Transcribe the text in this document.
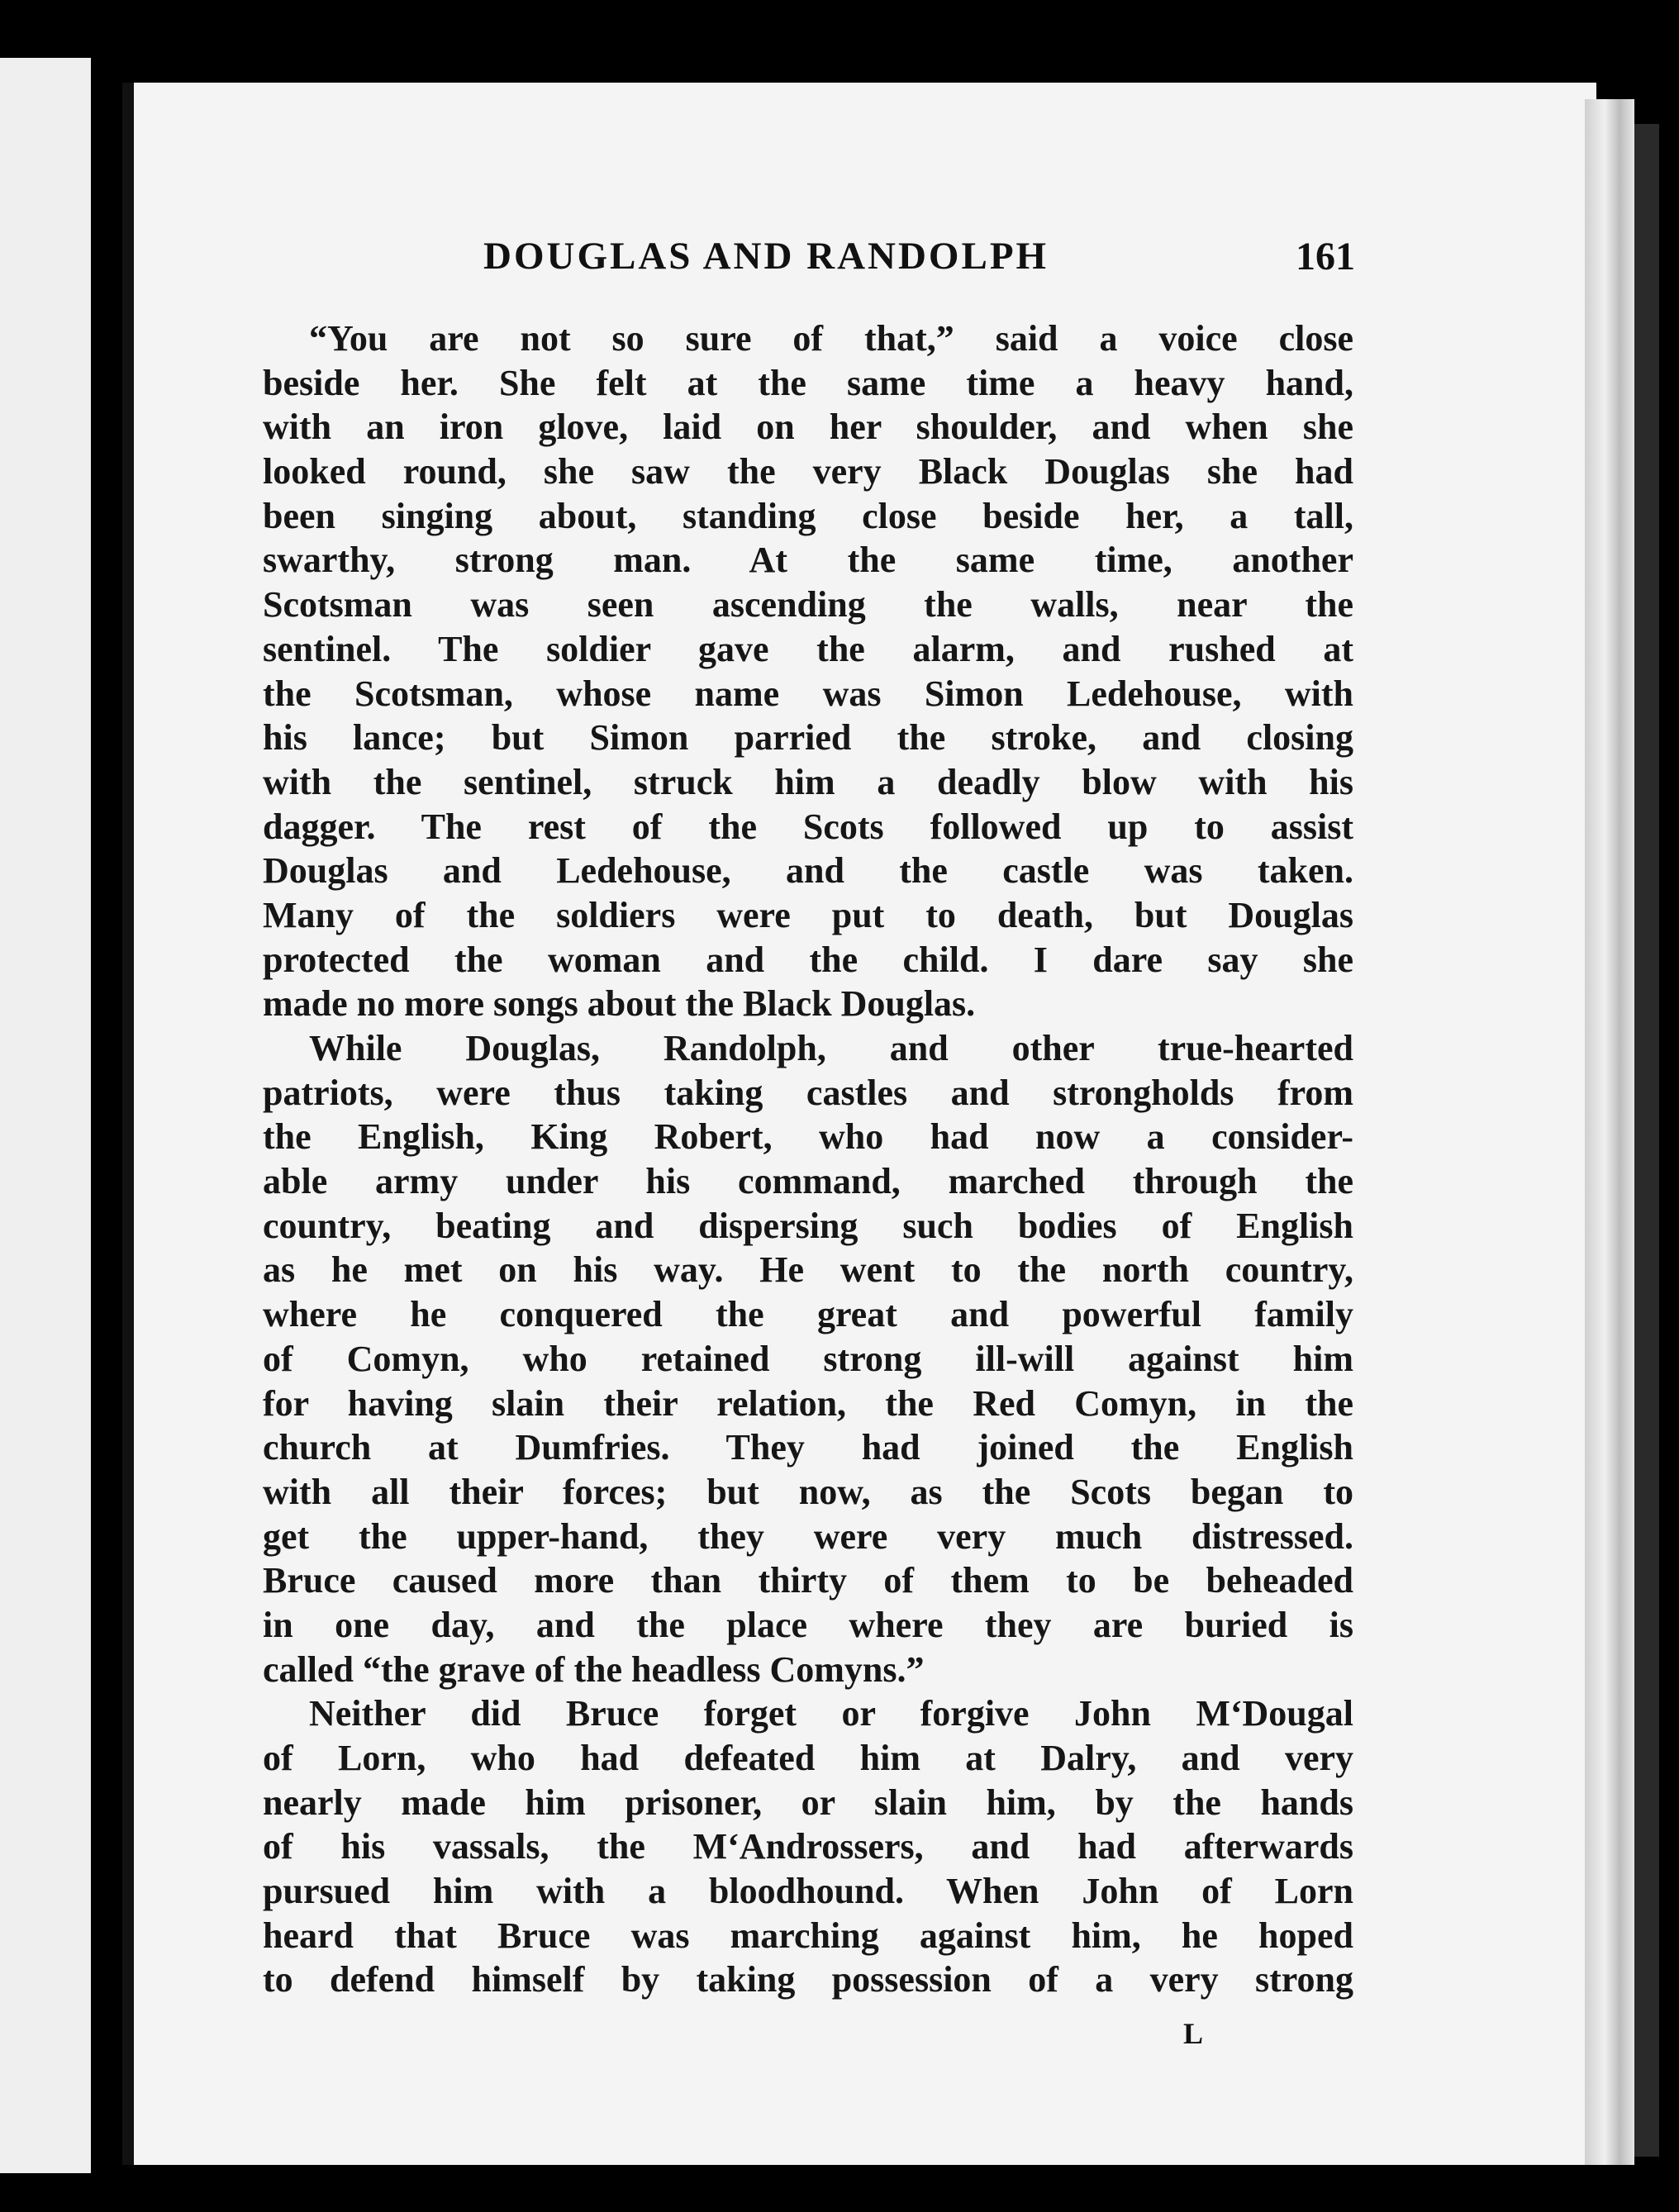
DOUGLAS AND RANDOLPH	161
“You are not so sure of that,” said a voice close
beside her. She felt at the same time a heavy hand,
with an iron glove, laid on her shoulder, and when she
looked round, she saw the very Black Douglas she had
been singing about, standing close beside her, a tall,
swarthy, strong man. At the same time, another
Scotsman was seen ascending the walls, near the
sentinel. The soldier gave the alarm, and rushed at
the Scotsman, whose name was Simon Ledehouse, with
his lance; but Simon parried the stroke, and closing
with the sentinel, struck him a deadly blow with his
dagger. The rest of the Scots followed up to assist
Douglas and Ledehouse, and the castle was taken.
Many of the soldiers were put to death, but Douglas
protected the woman and the child. I dare say she
made no more songs about the Black Douglas.
While Douglas, Randolph, and other true-hearted
patriots, were thus taking castles and strongholds from
the English, King Robert, who had now a consider-
able army under his command, marched through the
country, beating and dispersing such bodies of English
as he met on his way. He went to the north country,
where he conquered the great and powerful family
of Comyn, who retained strong ill-will against him
for having slain their relation, the Red Comyn, in the
church at Dumfries. They had joined the English
with all their forces; but now, as the Scots began to
get the upper-hand, they were very much distressed.
Bruce caused more than thirty of them to be beheaded
in one day, and the place where they are buried is
called “the grave of the headless Comyns.”
Neither did Bruce forget or forgive John M‘Dougal
of Lorn, who had defeated him at Dalry, and very
nearly made him prisoner, or slain him, by the hands
of his vassals, the M‘Androssers, and had afterwards
pursued him with a bloodhound. When John of Lorn
heard that Bruce was marching against him, he hoped
to defend himself by taking possession of a very strong
L
